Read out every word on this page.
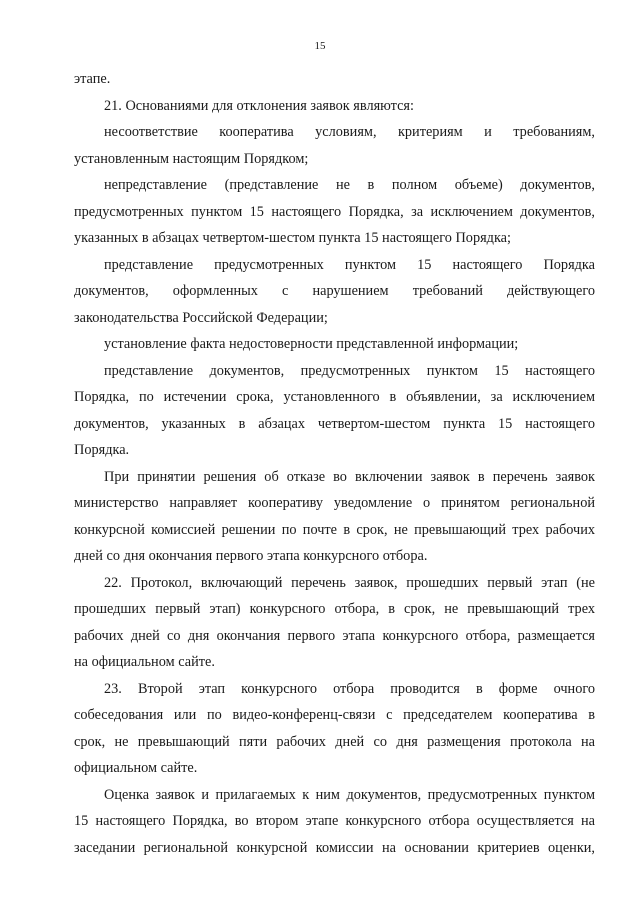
15
этапе.
21. Основаниями для отклонения заявок являются:
несоответствие кооператива условиям, критериям и требованиям,
установленным настоящим Порядком;
непредставление (представление не в полном объеме) документов,
предусмотренных пунктом 15 настоящего Порядка, за исключением документов,
указанных в абзацах четвертом-шестом пункта 15 настоящего Порядка;
представление предусмотренных пунктом 15 настоящего Порядка
документов, оформленных с нарушением требований действующего
законодательства Российской Федерации;
установление факта недостоверности представленной информации;
представление документов, предусмотренных пунктом 15 настоящего
Порядка, по истечении срока, установленного в объявлении, за исключением
документов, указанных в абзацах четвертом-шестом пункта 15 настоящего
Порядка.
При принятии решения об отказе во включении заявок в перечень заявок
министерство направляет кооперативу уведомление о принятом региональной
конкурсной комиссией решении по почте в срок, не превышающий трех рабочих
дней со дня окончания первого этапа конкурсного отбора.
22. Протокол, включающий перечень заявок, прошедших первый этап (не
прошедших первый этап) конкурсного отбора, в срок, не превышающий трех
рабочих дней со дня окончания первого этапа конкурсного отбора, размещается
на официальном сайте.
23. Второй этап конкурсного отбора проводится в форме очного
собеседования или по видео-конференц-связи с председателем кооператива в
срок, не превышающий пяти рабочих дней со дня размещения протокола на
официальном сайте.
Оценка заявок и прилагаемых к ним документов, предусмотренных пунктом
15 настоящего Порядка, во втором этапе конкурсного отбора осуществляется на
заседании региональной конкурсной комиссии на основании критериев оценки,
